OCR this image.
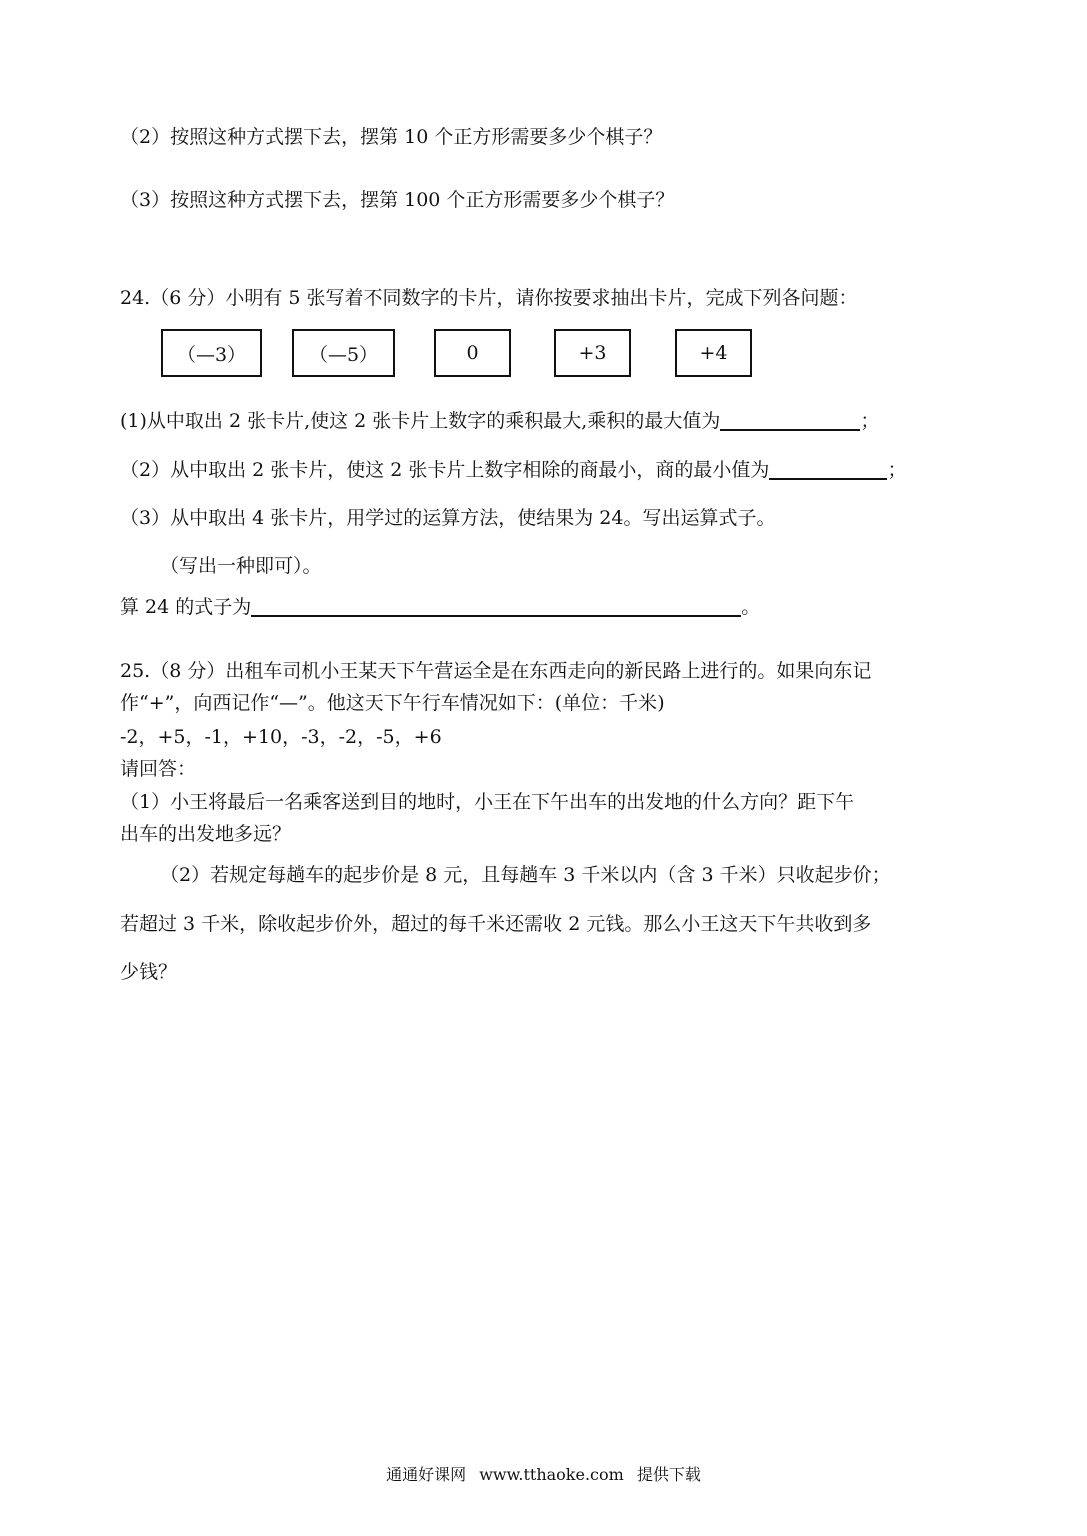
（2）按照这种方式摆下去，摆第 10 个正方形需要多少个棋子？
（3）按照这种方式摆下去，摆第 100 个正方形需要多少个棋子？
24.（6 分）小明有 5 张写着不同数字的卡片，请你按要求抽出卡片，完成下列各问题：
（—3）	（—5）	0	+3	+4
(1)从中取出 2 张卡片,使这 2 张卡片上数字的乘积最大,乘积的最大值为	；
（2）从中取出 2 张卡片，使这 2 张卡片上数字相除的商最小，商的最小值为	；
（3）从中取出 4 张卡片，用学过的运算方法，使结果为 24。写出运算式子。
（写出一种即可）。
算 24 的式子为	。
25.（8 分）出租车司机小王某天下午营运全是在东西走向的新民路上进行的。如果向东记
作“+”，向西记作“—”。他这天下午行车情况如下：(单位：千米)
-2，+5，-1，+10，-3，-2，-5，+6
请回答：
（1）小王将最后一名乘客送到目的地时，小王在下午出车的出发地的什么方向？距下午
出车的出发地多远？
（2）若规定每趟车的起步价是 8 元，且每趟车 3 千米以内（含 3 千米）只收起步价；
若超过 3 千米，除收起步价外，超过的每千米还需收 2 元钱。那么小王这天下午共收到多
少钱？
通通好课网 www.tthaoke.com 提供下载
